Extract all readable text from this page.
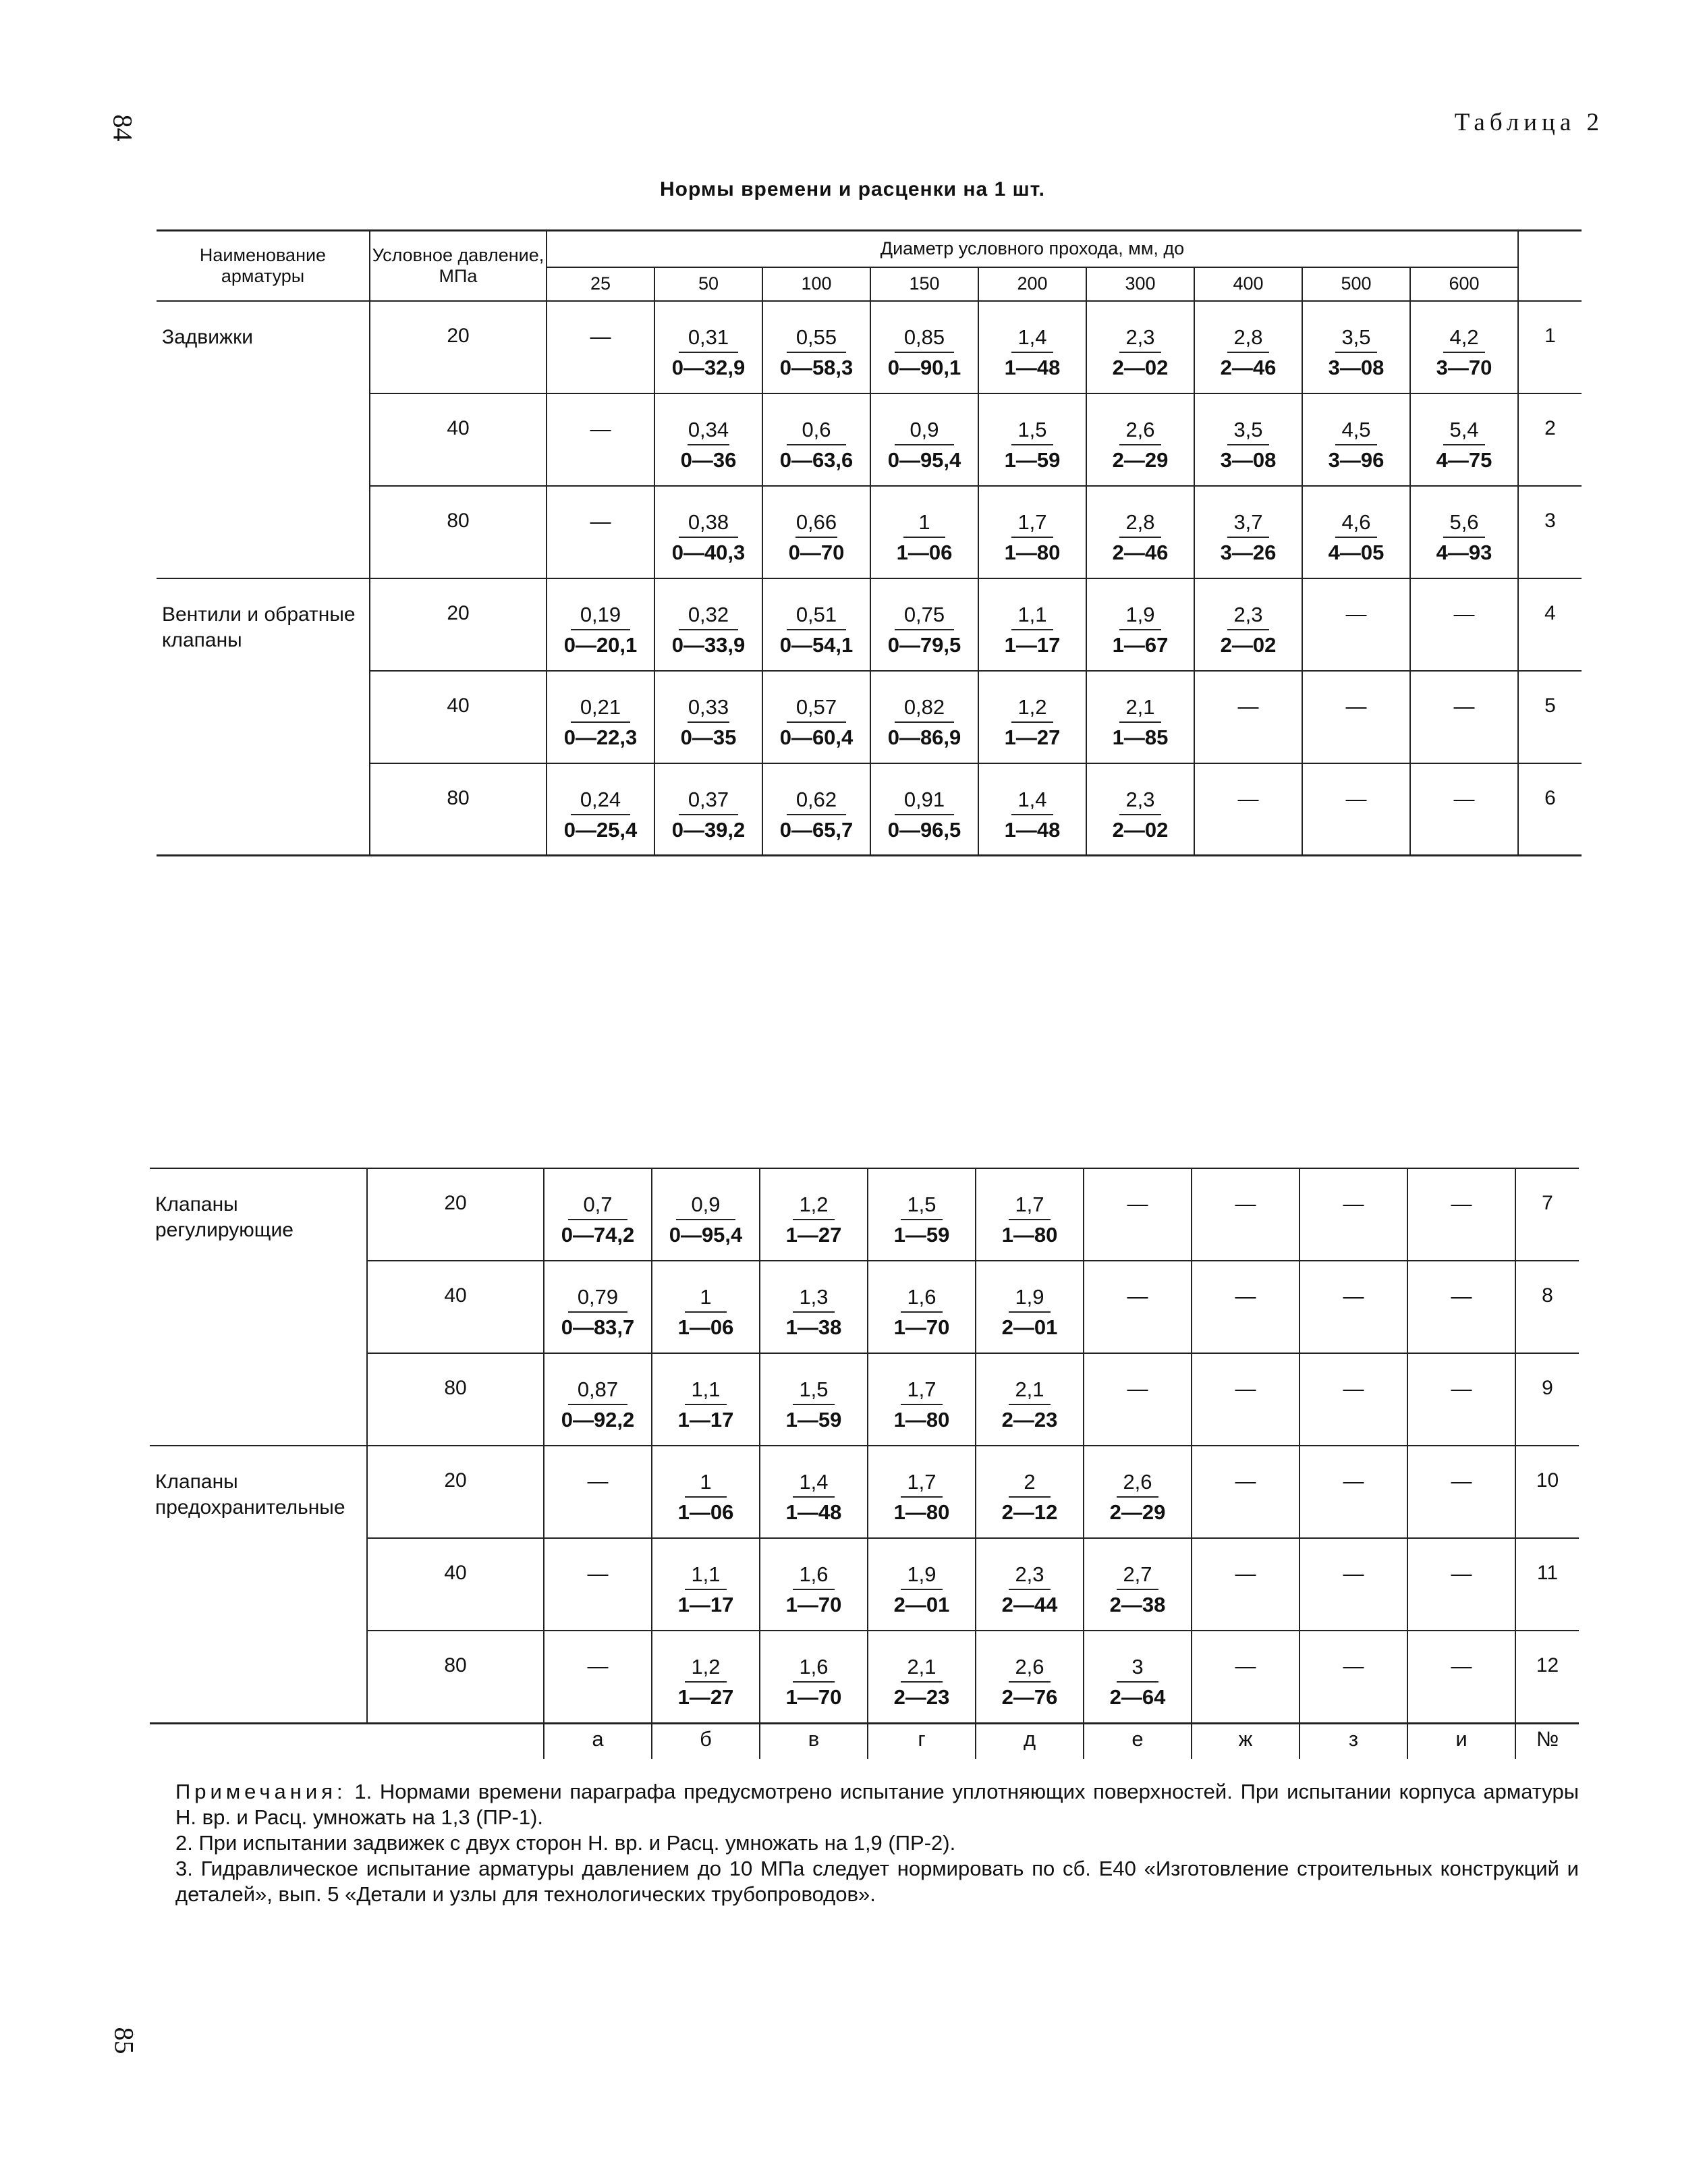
84	Таблица 2
Нормы времени и расценки на 1 шт.
Наименование арматуры	Условное давление, МПа	Диаметр условного прохода, мм, до									
		25	50	100	150	200	300	400	500	600	
Задвижки	20	—	$\frac{0,31}{0—32,9}$	$\frac{0,55}{0—58,3}$	$\frac{0,85}{0—90,1}$	$\frac{1,4}{1—48}$	$\frac{2,3}{2—02}$	$\frac{2,8}{2—46}$	$\frac{3,5}{3—08}$	$\frac{4,2}{3—70}$	1
	40	—	$\frac{0,34}{0—36}$	$\frac{0,6}{0—63,6}$	$\frac{0,9}{0—95,4}$	$\frac{1,5}{1—59}$	$\frac{2,6}{2—29}$	$\frac{3,5}{3—08}$	$\frac{4,5}{3—96}$	$\frac{5,4}{4—75}$	2
	80	—	$\frac{0,38}{0—40,3}$	$\frac{0,66}{0—70}$	$\frac{1}{1—06}$	$\frac{1,7}{1—80}$	$\frac{2,8}{2—46}$	$\frac{3,7}{3—26}$	$\frac{4,6}{4—05}$	$\frac{5,6}{4—93}$	3
Вентили и обратные клапаны	20	$\frac{0,19}{0—20,1}$	$\frac{0,32}{0—33,9}$	$\frac{0,51}{0—54,1}$	$\frac{0,75}{0—79,5}$	$\frac{1,1}{1—17}$	$\frac{1,9}{1—67}$	$\frac{2,3}{2—02}$	—	—	4
	40	$\frac{0,21}{0—22,3}$	$\frac{0,33}{0—35}$	$\frac{0,57}{0—60,4}$	$\frac{0,82}{0—86,9}$	$\frac{1,2}{1—27}$	$\frac{2,1}{1—85}$	—	—	—	5
	80	$\frac{0,24}{0—25,4}$	$\frac{0,37}{0—39,2}$	$\frac{0,62}{0—65,7}$	$\frac{0,91}{0—96,5}$	$\frac{1,4}{1—48}$	$\frac{2,3}{2—02}$	—	—	—	6
Клапаны регулирующие	20	$\frac{0,7}{0—74,2}$	$\frac{0,9}{0—95,4}$	$\frac{1,2}{1—27}$	$\frac{1,5}{1—59}$	$\frac{1,7}{1—80}$	—	—	—	—	7
	40	$\frac{0,79}{0—83,7}$	$\frac{1}{1—06}$	$\frac{1,3}{1—38}$	$\frac{1,6}{1—70}$	$\frac{1,9}{2—01}$	—	—	—	—	8
	80	$\frac{0,87}{0—92,2}$	$\frac{1,1}{1—17}$	$\frac{1,5}{1—59}$	$\frac{1,7}{1—80}$	$\frac{2,1}{2—23}$	—	—	—	—	9
Клапаны предохранительные	20	—	$\frac{1}{1—06}$	$\frac{1,4}{1—48}$	$\frac{1,7}{1—80}$	$\frac{2}{2—12}$	$\frac{2,6}{2—29}$	—	—	—	10
	40	—	$\frac{1,1}{1—17}$	$\frac{1,6}{1—70}$	$\frac{1,9}{2—01}$	$\frac{2,3}{2—44}$	$\frac{2,7}{2—38}$	—	—	—	11
	80	—	$\frac{1,2}{1—27}$	$\frac{1,6}{1—70}$	$\frac{2,1}{2—23}$	$\frac{2,6}{2—76}$	$\frac{3}{2—64}$	—	—	—	12
	а	б	в	г	д	е	ж	з	и	№

Примечания: 1. Нормами времени параграфа предусмотрено испытание уплотняющих поверхностей. При испытании корпуса арматуры Н. вр. и Расц. умножать на 1,3 (ПР-1).

2. При испытании задвижек с двух сторон Н. вр. и Расц. умножать на 1,9 (ПР-2).

3. Гидравлическое испытание арматуры давлением до 10 МПа следует нормировать по сб. Е40 «Изготовление строительных конструкций и деталей», вып. 5 «Детали и узлы для технологических трубопроводов».

85
